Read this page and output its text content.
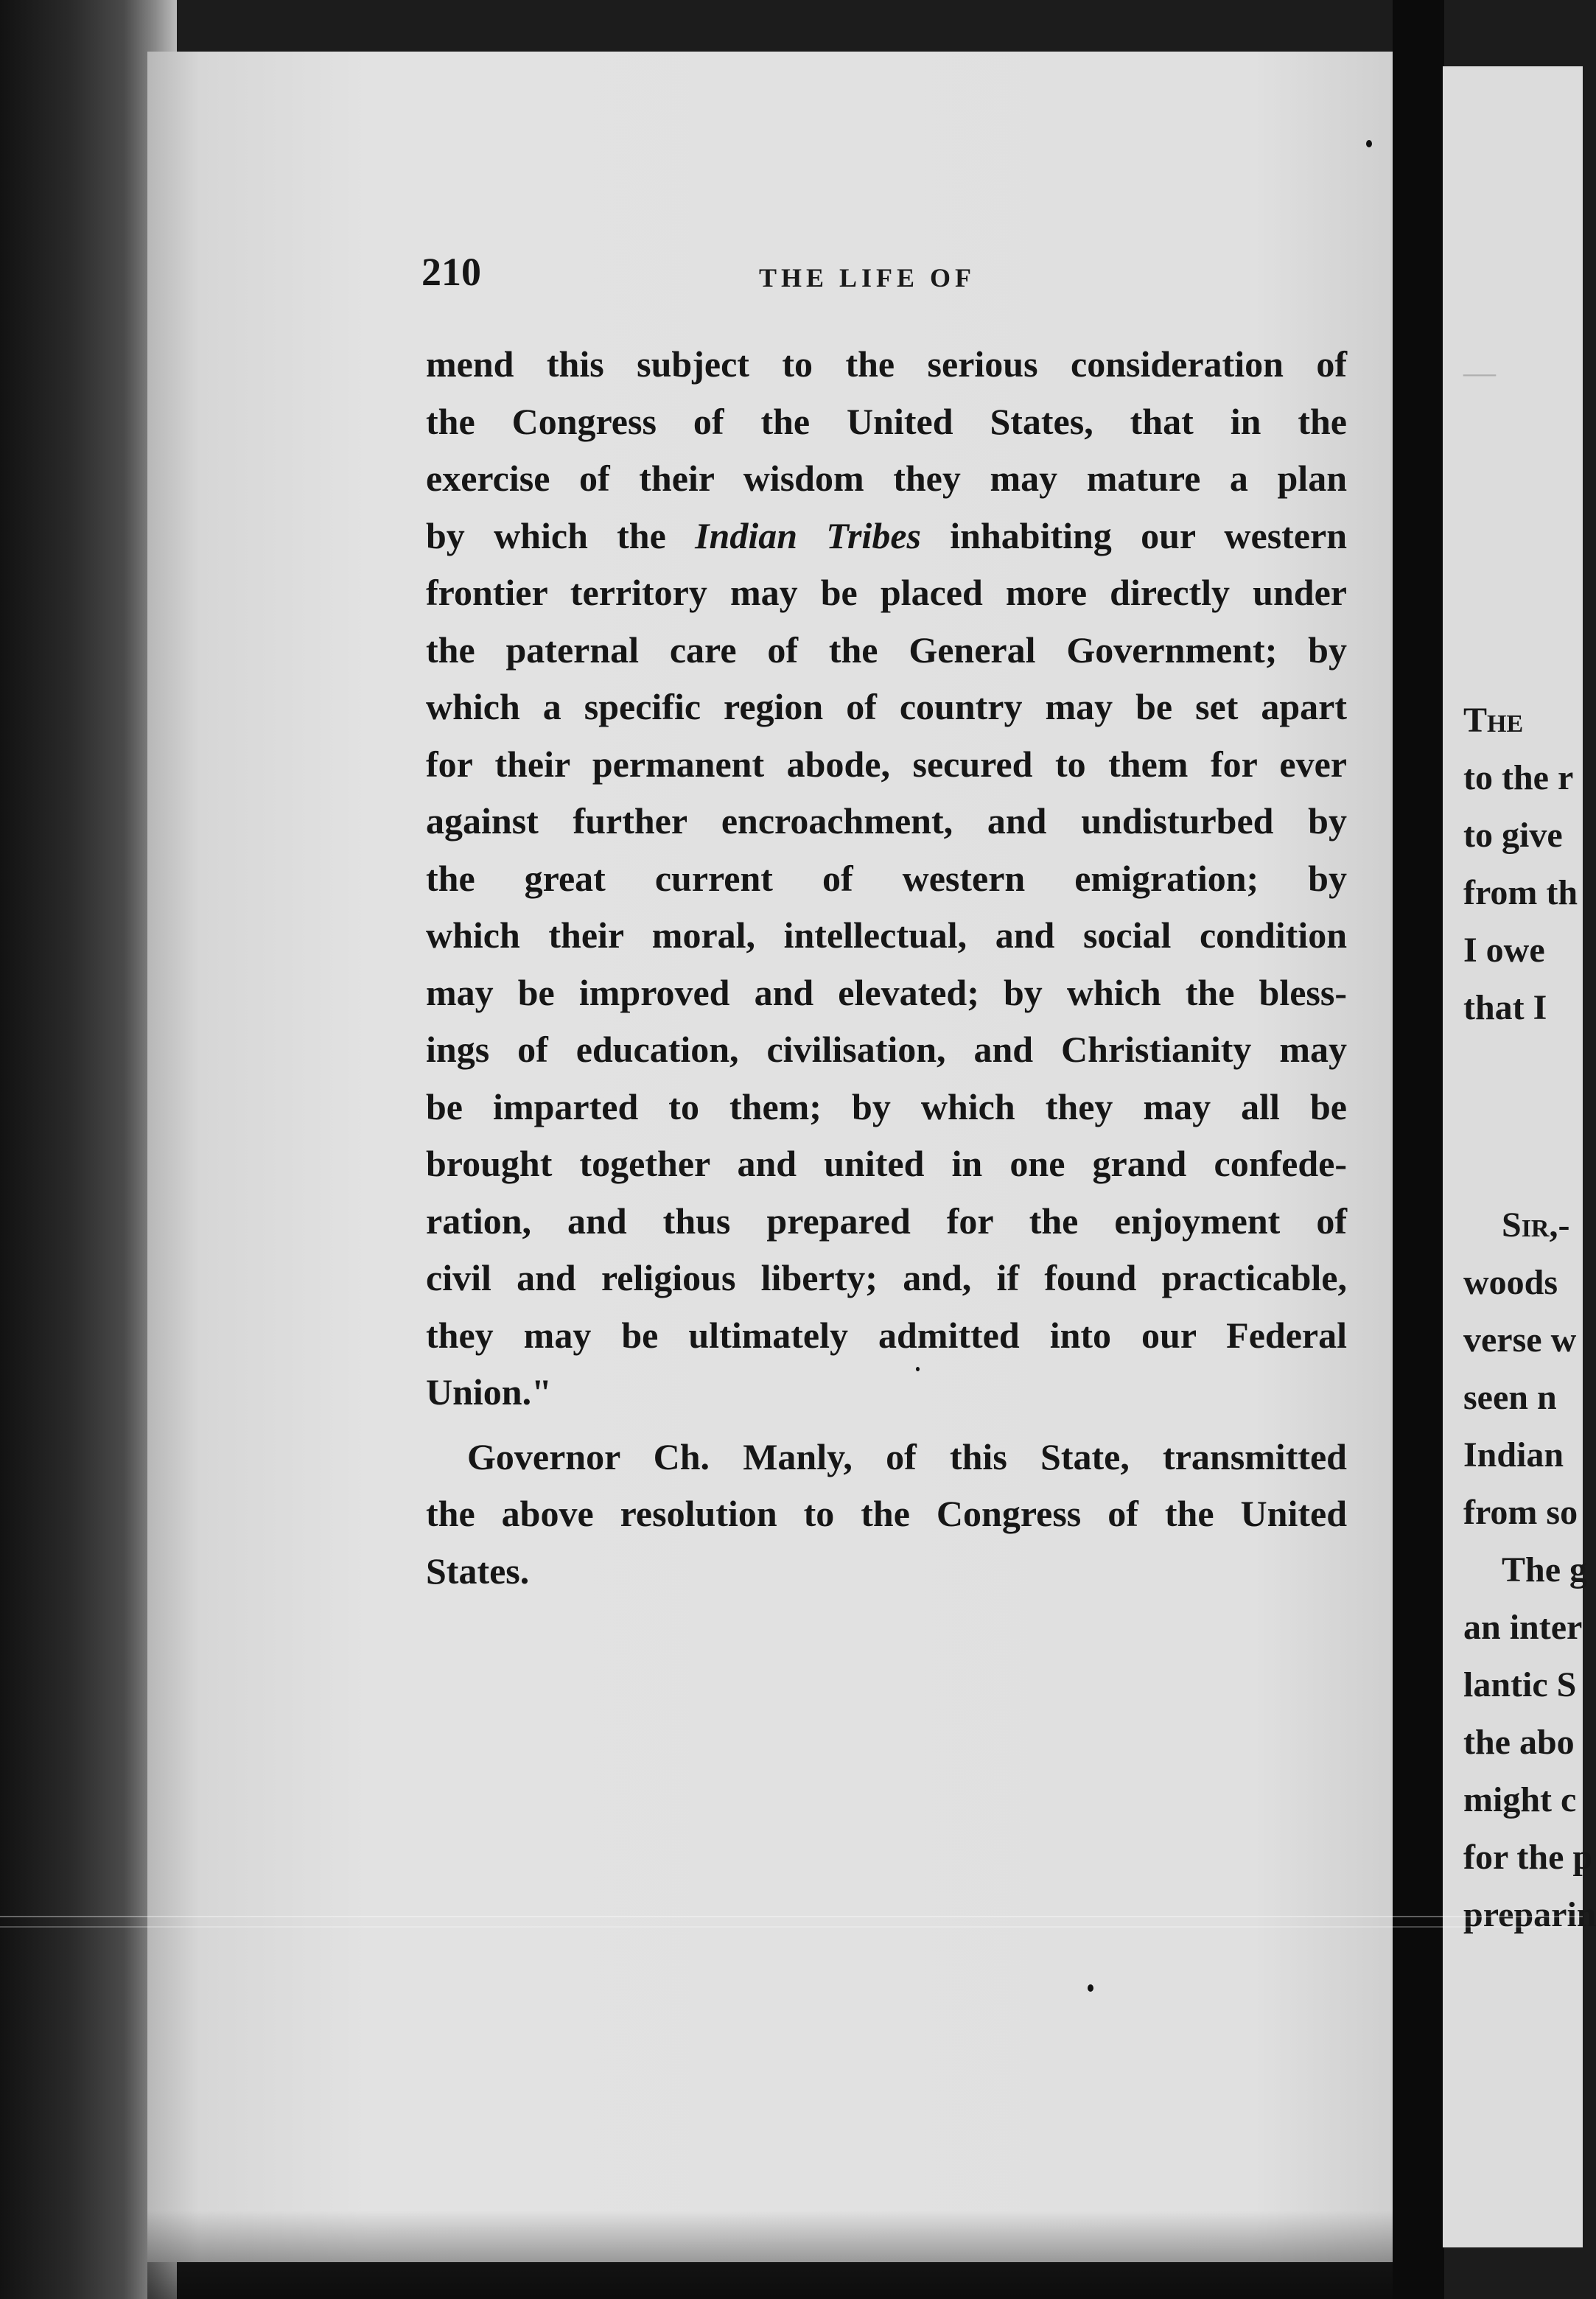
—
The
to the r
to give
from th
I owe
that I
Sir,-
woods
verse w
seen n
Indian
from so
The g
an inter
lantic S
the abo
might c
for the p
preparin
210	THE LIFE OF
mend this subject to the serious consideration of
the Congress of the United States, that in the
exercise of their wisdom they may mature a plan
by which the Indian Tribes inhabiting our western
frontier territory may be placed more directly under
the paternal care of the General Government; by
which a specific region of country may be set apart
for their permanent abode, secured to them for ever
against further encroachment, and undisturbed by
the great current of western emigration; by
which their moral, intellectual, and social condition
may be improved and elevated; by which the bless-
ings of education, civilisation, and Christianity may
be imparted to them; by which they may all be
brought together and united in one grand confede-
ration, and thus prepared for the enjoyment of
civil and religious liberty; and, if found practicable,
they may be ultimately admitted into our Federal
Union."
Governor Ch. Manly, of this State, transmitted
the above resolution to the Congress of the United
States.
